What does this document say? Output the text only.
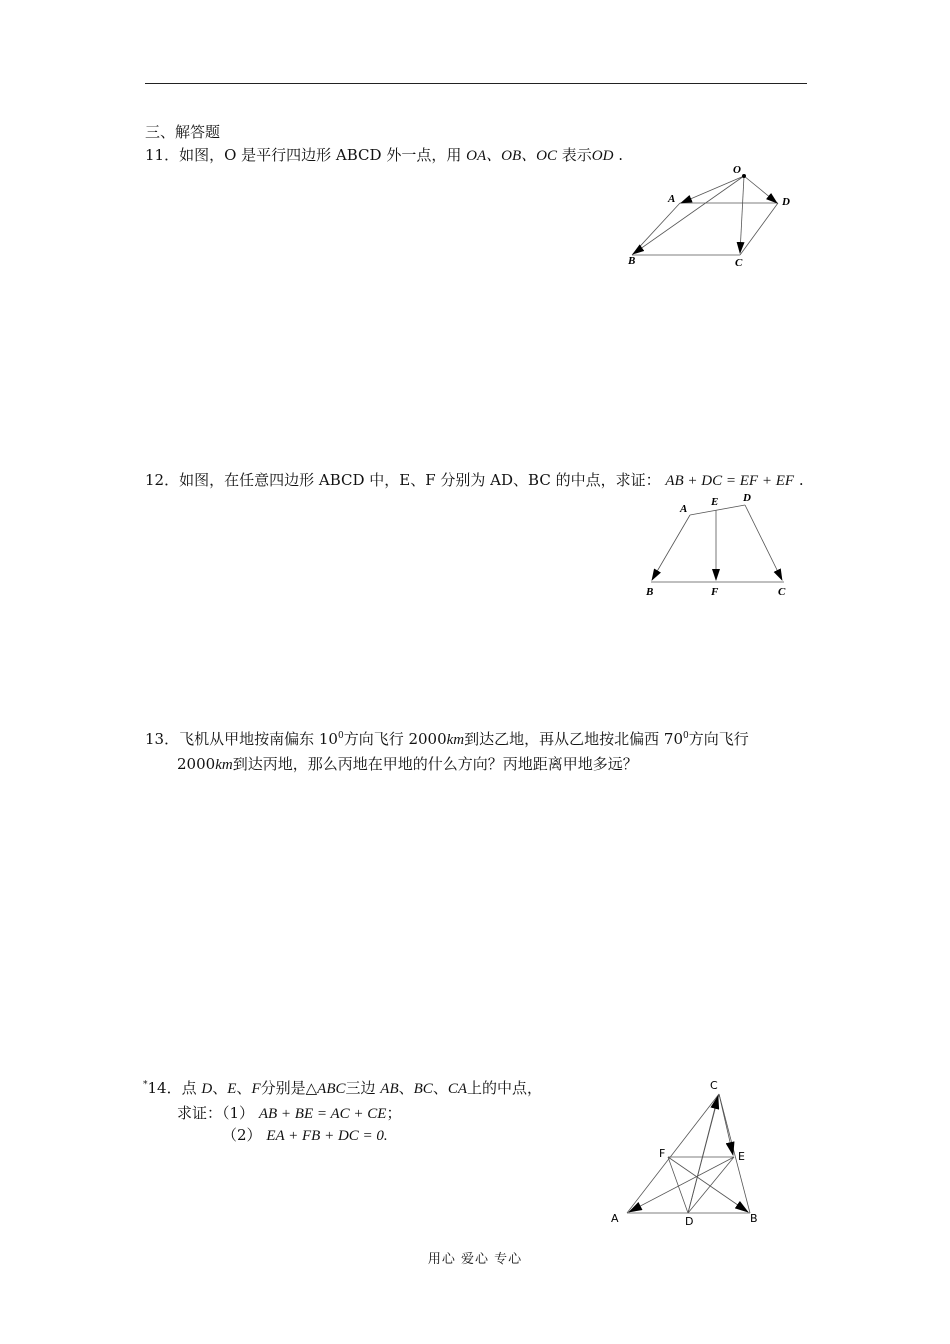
三、解答题
11．如图，O 是平行四边形 ABCD 外一点，用 OA、OB、OC 表示OD .
O
A	D
B	C
12．如图，在任意四边形 ABCD 中，E、F 分别为 AD、BC 的中点，求证： AB + DC = EF + EF .
A
E D
B	F	C
13．飞机从甲地按南偏东 $10^0$方向飞行 2000km到达乙地，再从乙地按北偏西 $70^0$方向飞行
2000km到达丙地，那么丙地在甲地的什么方向？丙地距离甲地多远？
*14．点 D、E、F分别是△ABC三边 AB、BC、CA上的中点，
求证：（1） AB + BE = AC + CE；
（2） EA + FB + DC = 0.
C
F	E
A	D	B
用心 爱心 专心
